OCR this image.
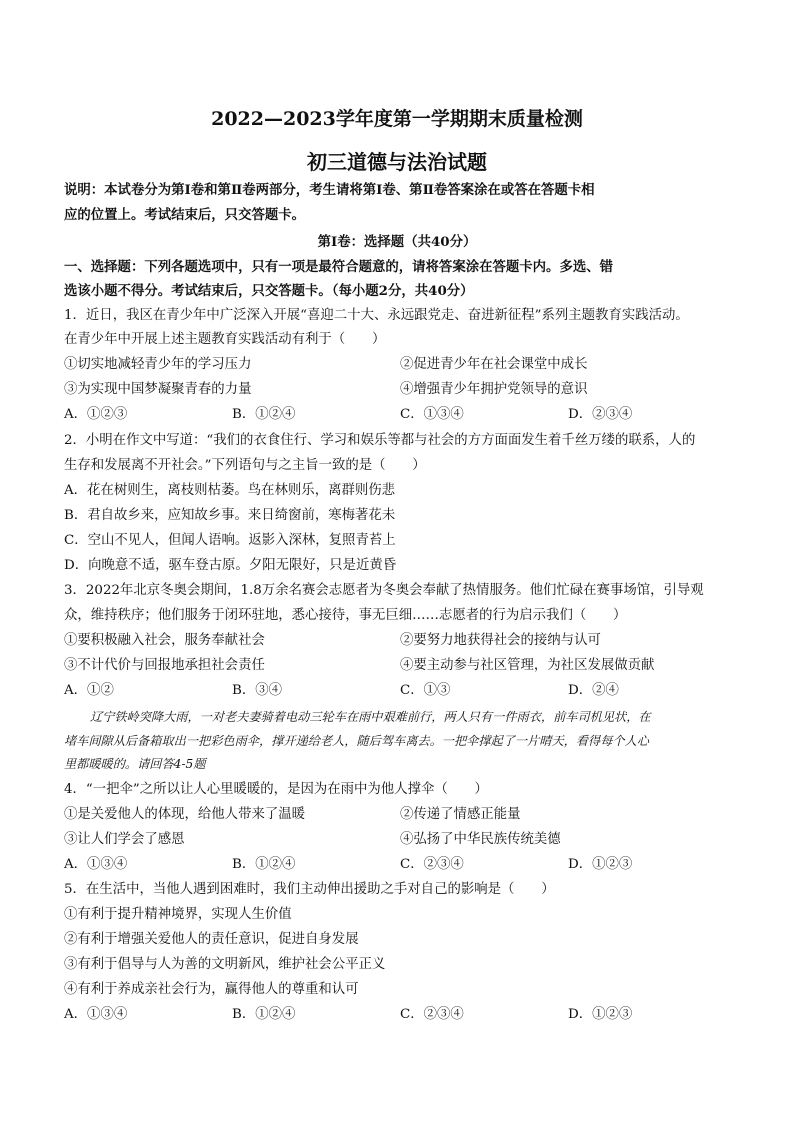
2022—2023学年度第一学期期末质量检测
初三道德与法治试题
说明：本试卷分为第Ⅰ卷和第Ⅱ卷两部分，考生请将第Ⅰ卷、第Ⅱ卷答案涂在或答在答题卡相
应的位置上。考试结束后，只交答题卡。
第Ⅰ卷：选择题（共40分）
一、选择题：下列各题选项中，只有一项是最符合题意的，请将答案涂在答题卡内。多选、错
选该小题不得分。考试结束后，只交答题卡。（每小题2分，共40分）
1．近日，我区在青少年中广泛深入开展“喜迎二十大、永远跟党走、奋进新征程”系列主题教育实践活动。
在青少年中开展上述主题教育实践活动有利于（　　）
①切实地减轻青少年的学习压力	②促进青少年在社会课堂中成长
③为实现中国梦凝聚青春的力量	④增强青少年拥护党领导的意识
A．①②③	B．①②④	C．①③④	D．②③④
2．小明在作文中写道：“我们的衣食住行、学习和娱乐等都与社会的方方面面发生着千丝万缕的联系，人的
生存和发展离不开社会。”下列语句与之主旨一致的是（　　）
A．花在树则生，离枝则枯萎。鸟在林则乐，离群则伤悲
B．君自故乡来，应知故乡事。来日绮窗前，寒梅著花未
C．空山不见人，但闻人语响。返影入深林，复照青苔上
D．向晚意不适，驱车登古原。夕阳无限好，只是近黄昏
3．2022年北京冬奥会期间，1.8万余名赛会志愿者为冬奥会奉献了热情服务。他们忙碌在赛事场馆，引导观
众，维持秩序；他们服务于闭环驻地，悉心接待，事无巨细……志愿者的行为启示我们（　　）
①要积极融入社会，服务奉献社会	②要努力地获得社会的接纳与认可
③不计代价与回报地承担社会责任	④要主动参与社区管理，为社区发展做贡献
A．①②	B．③④	C．①③	D．②④
辽宁铁岭突降大雨，一对老夫妻骑着电动三轮车在雨中艰难前行，两人只有一件雨衣，前车司机见状，在
堵车间隙从后备箱取出一把彩色雨伞，撑开递给老人，随后驾车离去。一把伞撑起了一片晴天，看得每个人心
里都暖暖的。请回答4-5题
4．“一把伞”之所以让人心里暖暖的，是因为在雨中为他人撑伞（　　）
①是关爱他人的体现，给他人带来了温暖	②传递了情感正能量
③让人们学会了感恩	④弘扬了中华民族传统美德
A．①③④	B．①②④	C．②③④	D．①②③
5．在生活中，当他人遇到困难时，我们主动伸出援助之手对自己的影响是（　　）
①有利于提升精神境界，实现人生价值
②有利于增强关爱他人的责任意识，促进自身发展
③有利于倡导与人为善的文明新风，维护社会公平正义
④有利于养成亲社会行为，赢得他人的尊重和认可
A．①③④	B．①②④	C．②③④	D．①②③
